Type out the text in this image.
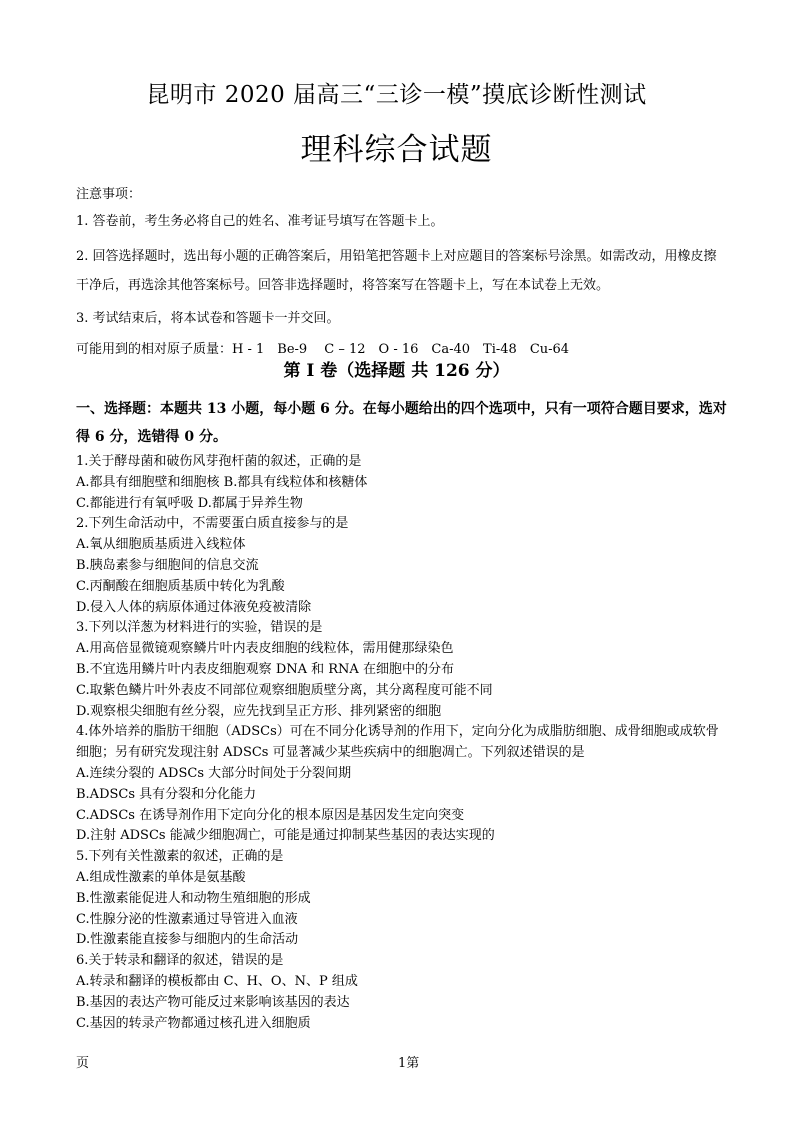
昆明市 2020 届高三“三诊一模”摸底诊断性测试
理科综合试题

注意事项：

1. 答卷前，考生务必将自己的姓名、准考证号填写在答题卡上。

2. 回答选择题时，选出每小题的正确答案后，用铅笔把答题卡上对应题目的答案标号涂黑。如需改动，用橡皮擦干净后，再选涂其他答案标号。回答非选择题时，将答案写在答题卡上，写在本试卷上无效。

3. 考试结束后，将本试卷和答题卡一并交回。

可能用到的相对原子质量：H - 1　Be-9　 C – 12　O - 16　Ca-40　Ti-48　Cu-64

第 I 卷（选择题 共 126 分）

一、选择题：本题共 13 小题，每小题 6 分。在每小题给出的四个选项中，只有一项符合题目要求，选对得 6 分，选错得 0 分。

1.关于酵母菌和破伤风芽孢杆菌的叙述，正确的是

A.都具有细胞壁和细胞核 B.都具有线粒体和核糖体

C.都能进行有氧呼吸 D.都属于异养生物

2.下列生命活动中，不需要蛋白质直接参与的是

A.氧从细胞质基质进入线粒体

B.胰岛素参与细胞间的信息交流

C.丙酮酸在细胞质基质中转化为乳酸

D.侵入人体的病原体通过体液免疫被清除

3.下列以洋葱为材料进行的实验，错误的是

A.用高倍显微镜观察鳞片叶内表皮细胞的线粒体，需用健那绿染色

B.不宜选用鳞片叶内表皮细胞观察 DNA 和 RNA 在细胞中的分布

C.取紫色鳞片叶外表皮不同部位观察细胞质壁分离，其分离程度可能不同

D.观察根尖细胞有丝分裂，应先找到呈正方形、排列紧密的细胞

4.体外培养的脂肪干细胞（ADSCs）可在不同分化诱导剂的作用下，定向分化为成脂肪细胞、成骨细胞或成软骨细胞；另有研究发现注射 ADSCs 可显著减少某些疾病中的细胞凋亡。下列叙述错误的是

A.连续分裂的 ADSCs 大部分时间处于分裂间期

B.ADSCs 具有分裂和分化能力

C.ADSCs 在诱导剂作用下定向分化的根本原因是基因发生定向突变

D.注射 ADSCs 能减少细胞凋亡，可能是通过抑制某些基因的表达实现的

5.下列有关性激素的叙述，正确的是

A.组成性激素的单体是氨基酸

B.性激素能促进人和动物生殖细胞的形成

C.性腺分泌的性激素通过导管进入血液

D.性激素能直接参与细胞内的生命活动

6.关于转录和翻译的叙述，错误的是

A.转录和翻译的模板都由 C、H、O、N、P 组成

B.基因的表达产物可能反过来影响该基因的表达

C.基因的转录产物都通过核孔进入细胞质

页	1第
